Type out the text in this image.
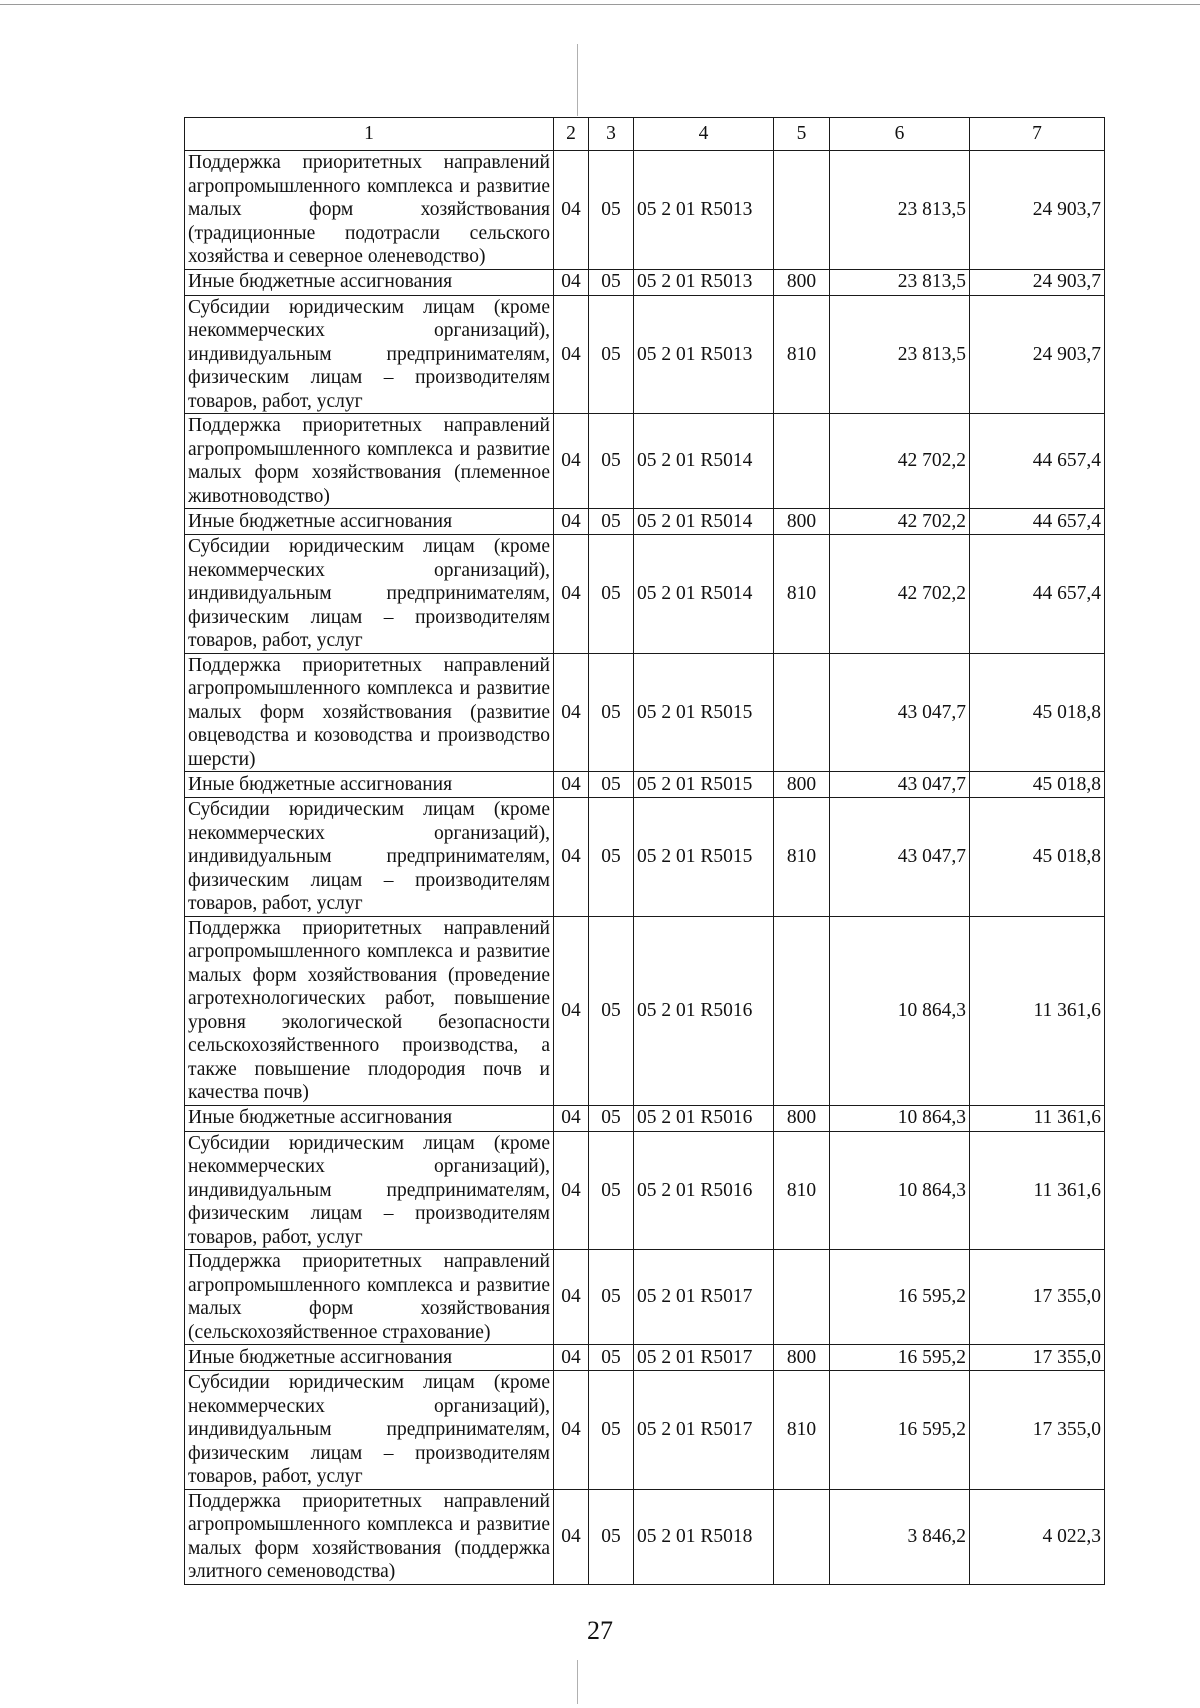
1	2	3	4	5	6	7
Поддержка приоритетных направлений агропромышленного комплекса и развитие малых форм хозяйствования (традиционные подотрасли сельского хозяйства и северное оленеводство)	04	05	05 2 01 R5013		23 813,5	24 903,7
Иные бюджетные ассигнования	04	05	05 2 01 R5013	800	23 813,5	24 903,7
Субсидии юридическим лицам (кроме некоммерческих организаций), индивидуальным предпринимателям, физическим лицам – производителям товаров, работ, услуг	04	05	05 2 01 R5013	810	23 813,5	24 903,7
Поддержка приоритетных направлений агропромышленного комплекса и развитие малых форм хозяйствования (племенное животноводство)	04	05	05 2 01 R5014		42 702,2	44 657,4
Иные бюджетные ассигнования	04	05	05 2 01 R5014	800	42 702,2	44 657,4
Субсидии юридическим лицам (кроме некоммерческих организаций), индивидуальным предпринимателям, физическим лицам – производителям товаров, работ, услуг	04	05	05 2 01 R5014	810	42 702,2	44 657,4
Поддержка приоритетных направлений агропромышленного комплекса и развитие малых форм хозяйствования (развитие овцеводства и козоводства и производство шерсти)	04	05	05 2 01 R5015		43 047,7	45 018,8
Иные бюджетные ассигнования	04	05	05 2 01 R5015	800	43 047,7	45 018,8
Субсидии юридическим лицам (кроме некоммерческих организаций), индивидуальным предпринимателям, физическим лицам – производителям товаров, работ, услуг	04	05	05 2 01 R5015	810	43 047,7	45 018,8
Поддержка приоритетных направлений агропромышленного комплекса и развитие малых форм хозяйствования (проведение агротехнологических работ, повышение уровня экологической безопасности сельскохозяйственного производства, а также повышение плодородия почв и качества почв)	04	05	05 2 01 R5016		10 864,3	11 361,6
Иные бюджетные ассигнования	04	05	05 2 01 R5016	800	10 864,3	11 361,6
Субсидии юридическим лицам (кроме некоммерческих организаций), индивидуальным предпринимателям, физическим лицам – производителям товаров, работ, услуг	04	05	05 2 01 R5016	810	10 864,3	11 361,6
Поддержка приоритетных направлений агропромышленного комплекса и развитие малых форм хозяйствования (сельскохозяйственное страхование)	04	05	05 2 01 R5017		16 595,2	17 355,0
Иные бюджетные ассигнования	04	05	05 2 01 R5017	800	16 595,2	17 355,0
Субсидии юридическим лицам (кроме некоммерческих организаций), индивидуальным предпринимателям, физическим лицам – производителям товаров, работ, услуг	04	05	05 2 01 R5017	810	16 595,2	17 355,0
Поддержка приоритетных направлений агропромышленного комплекса и развитие малых форм хозяйствования (поддержка элитного семеноводства)	04	05	05 2 01 R5018		3 846,2	4 022,3
27
